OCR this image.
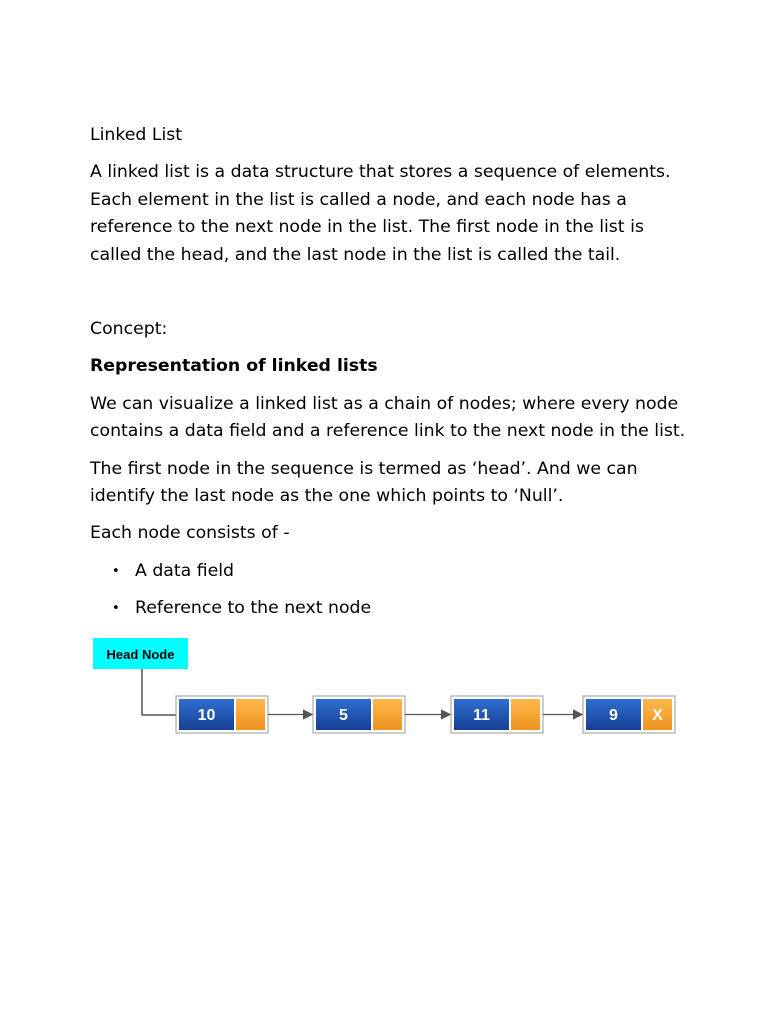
Linked List

A linked list is a data structure that stores a sequence of elements. Each element in the list is called a node, and each node has a reference to the next node in the list. The first node in the list is called the head, and the last node in the list is called the tail.

Concept:

Representation of linked lists

We can visualize a linked list as a chain of nodes; where every node contains a data field and a reference link to the next node in the list.

The first node in the sequence is termed as ‘head’. And we can identify the last node as the one which points to ‘Null’.

Each node consists of -

• A data field
• Reference to the next node
Head Node
10	5	11	9 X
